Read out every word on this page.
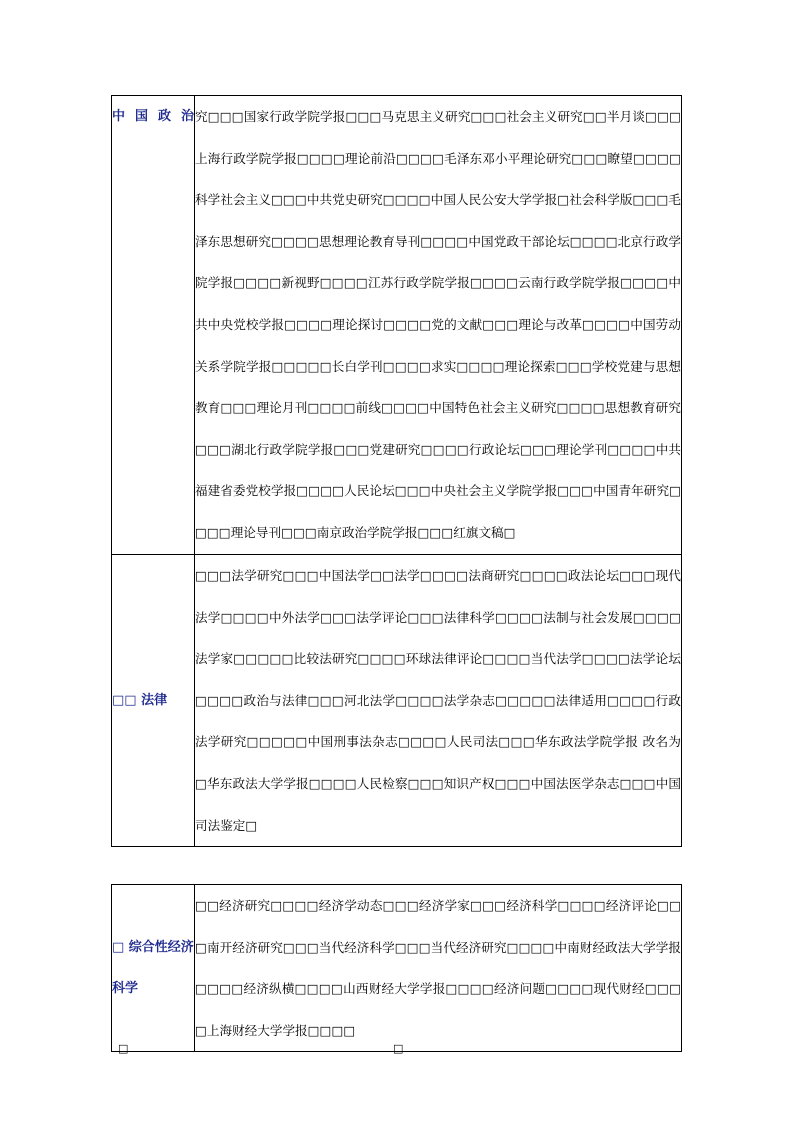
中国政治	究□□□国家行政学院学报□□□马克思主义研究□□□社会主义研究□□半月谈□□□上海行政学院学报□□□□理论前沿□□□□毛泽东邓小平理论研究□□□瞭望□□□□科学社会主义□□□中共党史研究□□□□中国人民公安大学学报□社会科学版□□□毛泽东思想研究□□□□思想理论教育导刊□□□□中国党政干部论坛□□□□北京行政学院学报□□□□新视野□□□□江苏行政学院学报□□□□云南行政学院学报□□□□中共中央党校学报□□□□理论探讨□□□□党的文献□□□理论与改革□□□□中国劳动关系学院学报□□□□□长白学刊□□□□求实□□□□理论探索□□□学校党建与思想教育□□□理论月刊□□□□前线□□□□中国特色社会主义研究□□□□思想教育研究□□□湖北行政学院学报□□□党建研究□□□□行政论坛□□□理论学刊□□□□中共福建省委党校学报□□□□人民论坛□□□中央社会主义学院学报□□□中国青年研究□□□□理论导刊□□□南京政治学院学报□□□红旗文稿□
□□ 法律	□□□法学研究□□□中国法学□□法学□□□□法商研究□□□□政法论坛□□□现代法学□□□□中外法学□□□法学评论□□□法律科学□□□□法制与社会发展□□□□法学家□□□□□比较法研究□□□□环球法律评论□□□□当代法学□□□□法学论坛□□□□政治与法律□□□河北法学□□□□法学杂志□□□□□法律适用□□□□行政法学研究□□□□□中国刑事法杂志□□□□人民司法□□□华东政法学院学报 改名为□华东政法大学学报□□□□人民检察□□□知识产权□□□中国法医学杂志□□□中国司法鉴定□
□ 综合性经济科学	□□经济研究□□□□经济学动态□□□经济学家□□□经济科学□□□□经济评论□□□南开经济研究□□□当代经济科学□□□当代经济研究□□□□中南财经政法大学学报□□□□经济纵横□□□□山西财经大学学报□□□□经济问题□□□□现代财经□□□□上海财经大学学报□□□□
□	□
